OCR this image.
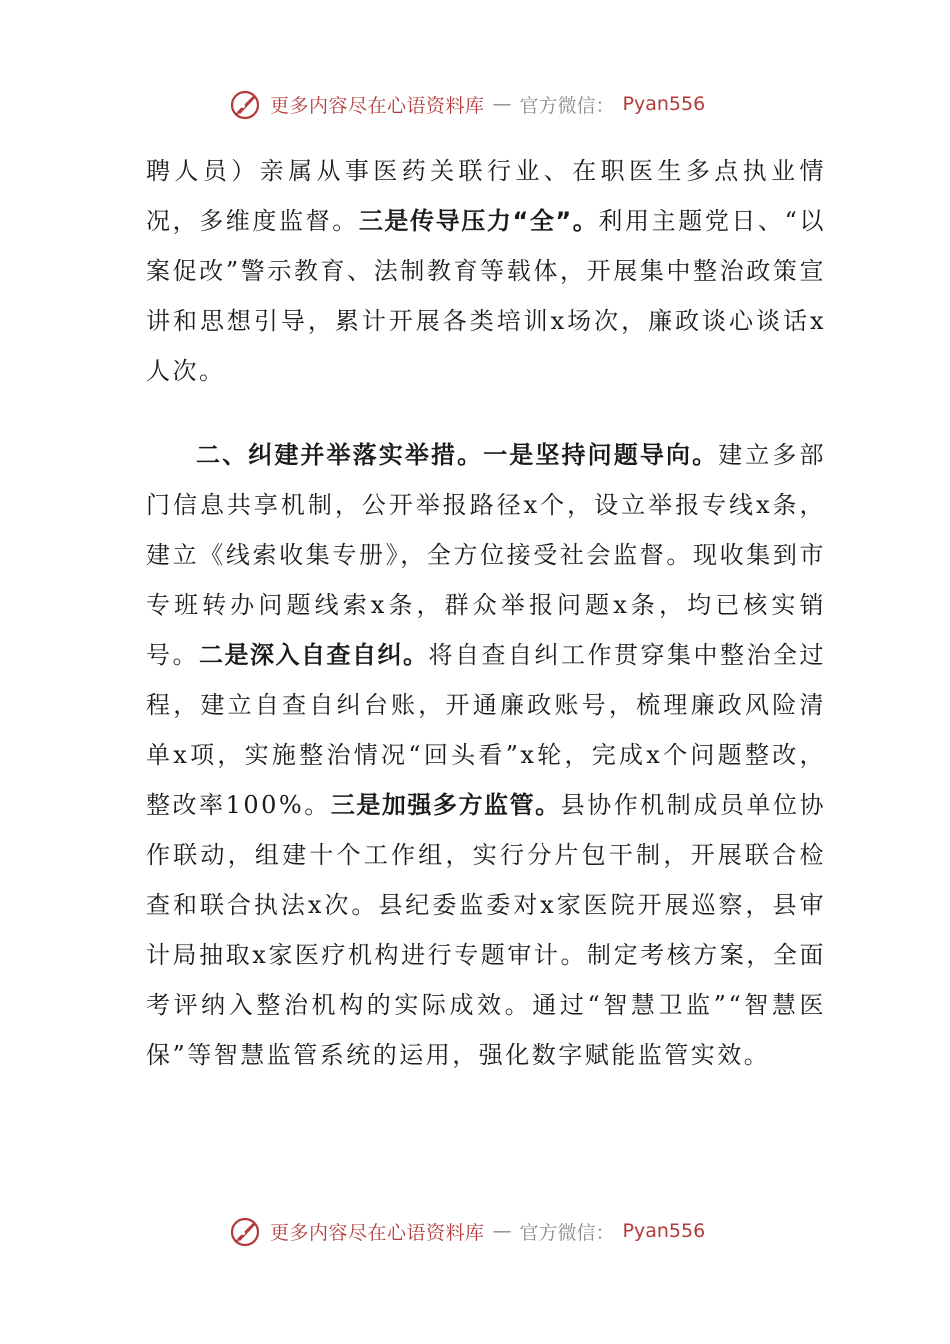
更多内容尽在心语资料库 — 官方微信： Pyan556

聘人员）亲属从事医药关联行业、在职医生多点执业情况，多维度监督。三是传导压力“全”。利用主题党日、“以案促改”警示教育、法制教育等载体，开展集中整治政策宣讲和思想引导，累计开展各类培训x场次，廉政谈心谈话x人次。

二、纠建并举落实举措。一是坚持问题导向。建立多部门信息共享机制，公开举报路径x个，设立举报专线x条，建立《线索收集专册》，全方位接受社会监督。现收集到市专班转办问题线索x条，群众举报问题x条，均已核实销号。二是深入自查自纠。将自查自纠工作贯穿集中整治全过程，建立自查自纠台账，开通廉政账号，梳理廉政风险清单x项，实施整治情况“回头看”x轮，完成x个问题整改，整改率100%。三是加强多方监管。县协作机制成员单位协作联动，组建十个工作组，实行分片包干制，开展联合检查和联合执法x次。县纪委监委对x家医院开展巡察，县审计局抽取x家医疗机构进行专题审计。制定考核方案，全面考评纳入整治机构的实际成效。通过“智慧卫监”“智慧医保”等智慧监管系统的运用，强化数字赋能监管实效。

更多内容尽在心语资料库 — 官方微信： Pyan556
